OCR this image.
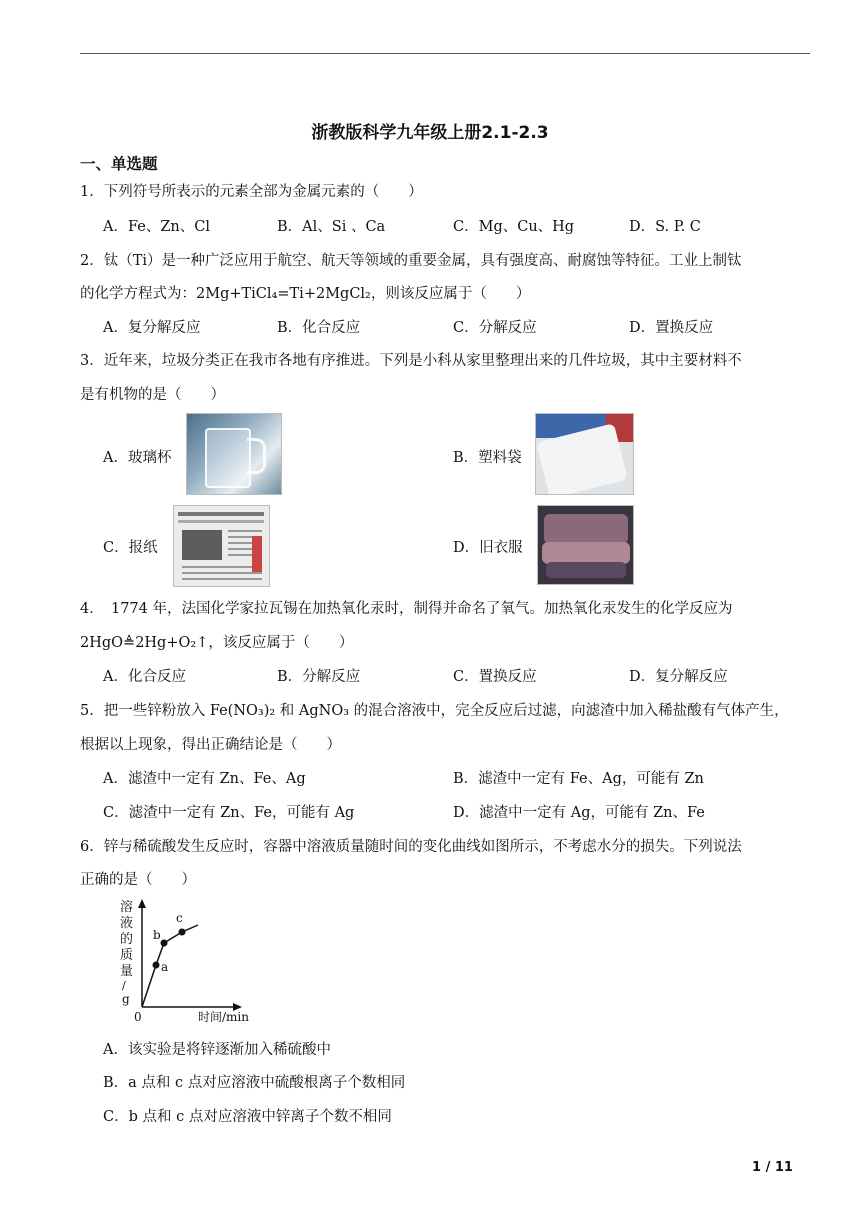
浙教版科学九年级上册2.1-2.3
一、单选题
1．下列符号所表示的元素全部为金属元素的（　　）
A．Fe、Zn、Cl	B．Al、Si 、Ca	C．Mg、Cu、Hg	D．S. P. C
2．钛（Ti）是一种广泛应用于航空、航天等领域的重要金属，具有强度高、耐腐蚀等特征。工业上制钛
的化学方程式为：2Mg+TiCl₄=Ti+2MgCl₂，则该反应属于（　　）
A．复分解反应	B．化合反应	C．分解反应	D．置换反应
3．近年来，垃圾分类正在我市各地有序推进。下列是小科从家里整理出来的几件垃圾，其中主要材料不
是有机物的是（　　）
A．玻璃杯	B．塑料袋
C．报纸	D．旧衣服
4．　1774 年，法国化学家拉瓦锡在加热氧化汞时，制得并命名了氧气。加热氧化汞发生的化学反应为
2HgO≜2Hg+O₂↑，该反应属于（　　）
A．化合反应	B．分解反应	C．置换反应	D．复分解反应
5．把一些锌粉放入 Fe(NO₃)₂ 和 AgNO₃ 的混合溶液中，完全反应后过滤，向滤渣中加入稀盐酸有气体产生，
根据以上现象，得出正确结论是（　　）
A．滤渣中一定有 Zn、Fe、Ag	B．滤渣中一定有 Fe、Ag，可能有 Zn
C．滤渣中一定有 Zn、Fe，可能有 Ag	D．滤渣中一定有 Ag，可能有 Zn、Fe
6．锌与稀硫酸发生反应时，容器中溶液质量随时间的变化曲线如图所示，不考虑水分的损失。下列说法
正确的是（　　）
溶
液
的
质
量
/
g
a
b
c
0	时间/min
A．该实验是将锌逐渐加入稀硫酸中
B．a 点和 c 点对应溶液中硫酸根离子个数相同
C．b 点和 c 点对应溶液中锌离子个数不相同
1 / 11
